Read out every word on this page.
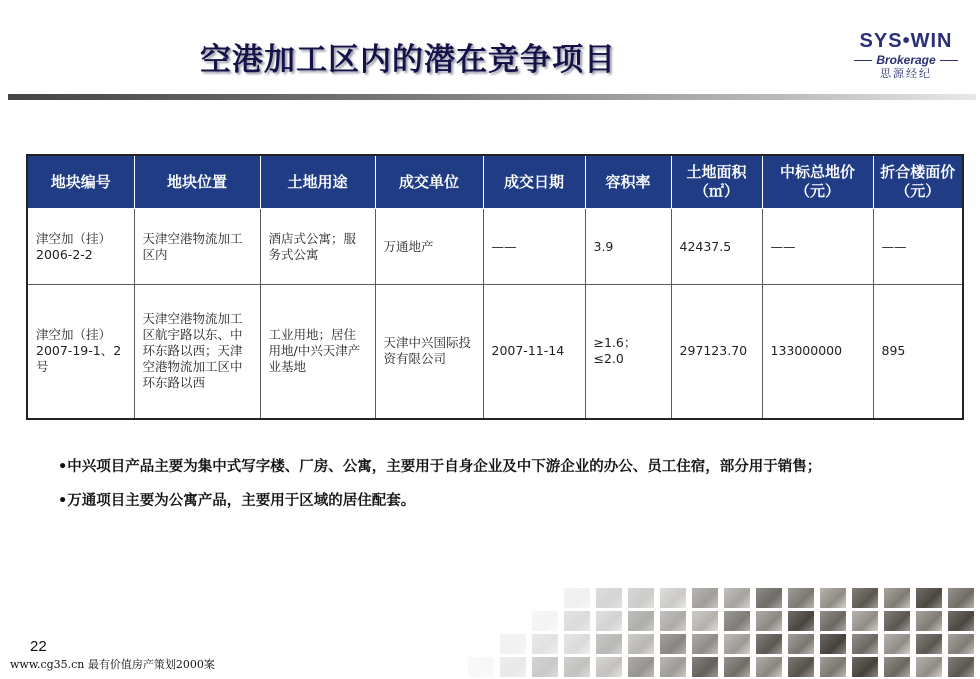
空港加工区内的潜在竞争项目
SYS•WIN
Brokerage
思源经纪
地块编号	地块位置	土地用途	成交单位	成交日期	容积率	土地面积（㎡）	中标总地价（元）	折合楼面价（元）
津空加（挂）2006-2-2	天津空港物流加工区内	酒店式公寓；服务式公寓	万通地产	——	3.9	42437.5	——	——
津空加（挂）2007-19-1、2号	天津空港物流加工区航宇路以东、中环东路以西；天津空港物流加工区中环东路以西	工业用地；居住用地/中兴天津产业基地	天津中兴国际投资有限公司	2007-11-14	≥1.6；≤2.0	297123.70	133000000	895
•中兴项目产品主要为集中式写字楼、厂房、公寓，主要用于自身企业及中下游企业的办公、员工住宿，部分用于销售；
•万通项目主要为公寓产品，主要用于区域的居住配套。
22
www.cg35.cn 最有价值房产策划2000案
